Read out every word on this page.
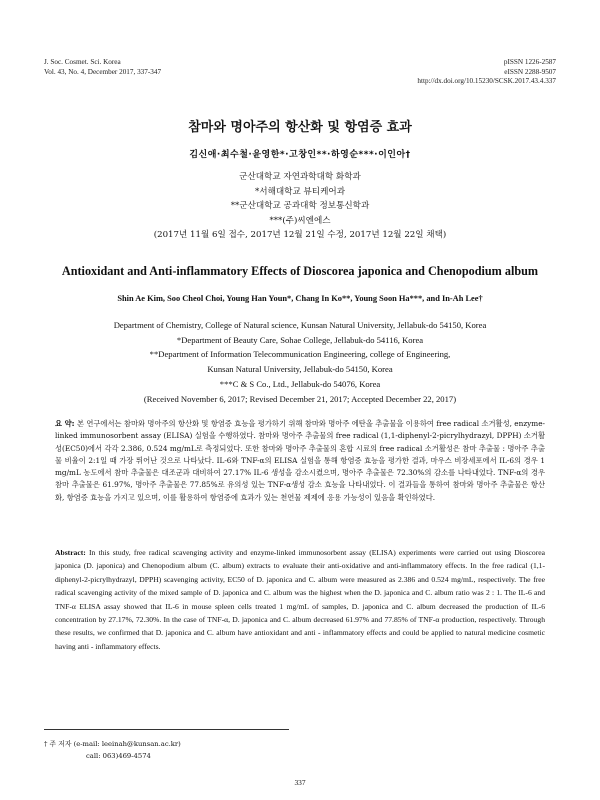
J. Soc. Cosmet. Sci. Korea
Vol. 43, No. 4, December 2017, 337-347
pISSN 1226-2587
eISSN 2288-9507
http://dx.doi.org/10.15230/SCSK.2017.43.4.337
참마와 명아주의 항산화 및 항염증 효과
김신애·최수철·윤영한*·고창인**·하영순***·이인아†
군산대학교 자연과학대학 화학과
*서해대학교 뷰티케어과
**군산대학교 공과대학 정보통신학과
***(주)씨엔에스
(2017년 11월 6일 접수, 2017년 12월 21일 수정, 2017년 12월 22일 채택)
Antioxidant and Anti-inflammatory Effects of Dioscorea japonica and Chenopodium album
Shin Ae Kim, Soo Cheol Choi, Young Han Youn*, Chang In Ko**, Young Soon Ha***, and In-Ah Lee†
Department of Chemistry, College of Natural science, Kunsan Natural University, Jellabuk-do 54150, Korea
*Department of Beauty Care, Sohae College, Jellabuk-do 54116, Korea
**Department of Information Telecommunication Engineering, college of Engineering,
Kunsan Natural University, Jellabuk-do 54150, Korea
***C & S Co., Ltd., Jellabuk-do 54076, Korea
(Received November 6, 2017; Revised December 21, 2017; Accepted December 22, 2017)
요 약: 본 연구에서는 참마와 명아주의 항산화 및 항염증 효능을 평가하기 위해 참마와 명아주 에탄올 추출물을 이용하여 free radical 소거활성, enzyme-linked immunosorbent assay (ELISA) 실험을 수행하였다. 참마와 명아주 추출물의 free radical (1,1-diphenyl-2-picrylhydrazyl, DPPH) 소거활성(EC50)에서 각각 2.386, 0.524 mg/mL로 측정되었다. 또한 참마와 명아주 추출물의 혼합 시료의 free radical 소거활성은 참마 추출물 : 명아주 추출물 비율이 2:1일 때 가장 뛰어난 것으로 나타났다. IL-6와 TNF-α의 ELISA 실험을 통해 항염증 효능을 평가한 결과, 마우스 비장세포에서 IL-6의 경우 1 mg/mL 농도에서 참마 추출물은 대조군과 대비하여 27.17% IL-6 생성을 감소시켰으며, 명아주 추출물은 72.30%의 감소를 나타내었다. TNF-α의 경우 참마 추출물은 61.97%, 명아주 추출물은 77.85%로 유의성 있는 TNF-α생성 감소 효능을 나타내었다. 이 결과들을 통하여 참마와 명아주 추출물은 항산화, 항염증 효능을 가지고 있으며, 이를 활용하여 항염증에 효과가 있는 천연물 제제에 응용 가능성이 있음을 확인하였다.
Abstract: In this study, free radical scavenging activity and enzyme-linked immunosorbent assay (ELISA) experiments were carried out using Dioscorea japonica (D. japonica) and Chenopodium album (C. album) extracts to evaluate their anti-oxidative and anti-inflammatory effects. In the free radical (1,1-diphenyl-2-picrylhydrazyl, DPPH) scavenging activity, EC50 of D. japonica and C. album were measured as 2.386 and 0.524 mg/mL, respectively. The free radical scavenging activity of the mixed sample of D. japonica and C. album was the highest when the D. japonica and C. album ratio was 2 : 1. The IL-6 and TNF-α ELISA assay showed that IL-6 in mouse spleen cells treated 1 mg/mL of samples, D. japonica and C. album decreased the production of IL-6 concentration by 27.17%, 72.30%. In the case of TNF-α, D. japonica and C. album decreased 61.97% and 77.85% of TNF-α production, respectively. Through these results, we confirmed that D. japonica and C. album have antioxidant and anti - inflammatory effects and could be applied to natural medicine cosmetic having anti - inflammatory effects.
† 주 저자 (e-mail: leeinah@kunsan.ac.kr)
call: 063)469-4574
337
